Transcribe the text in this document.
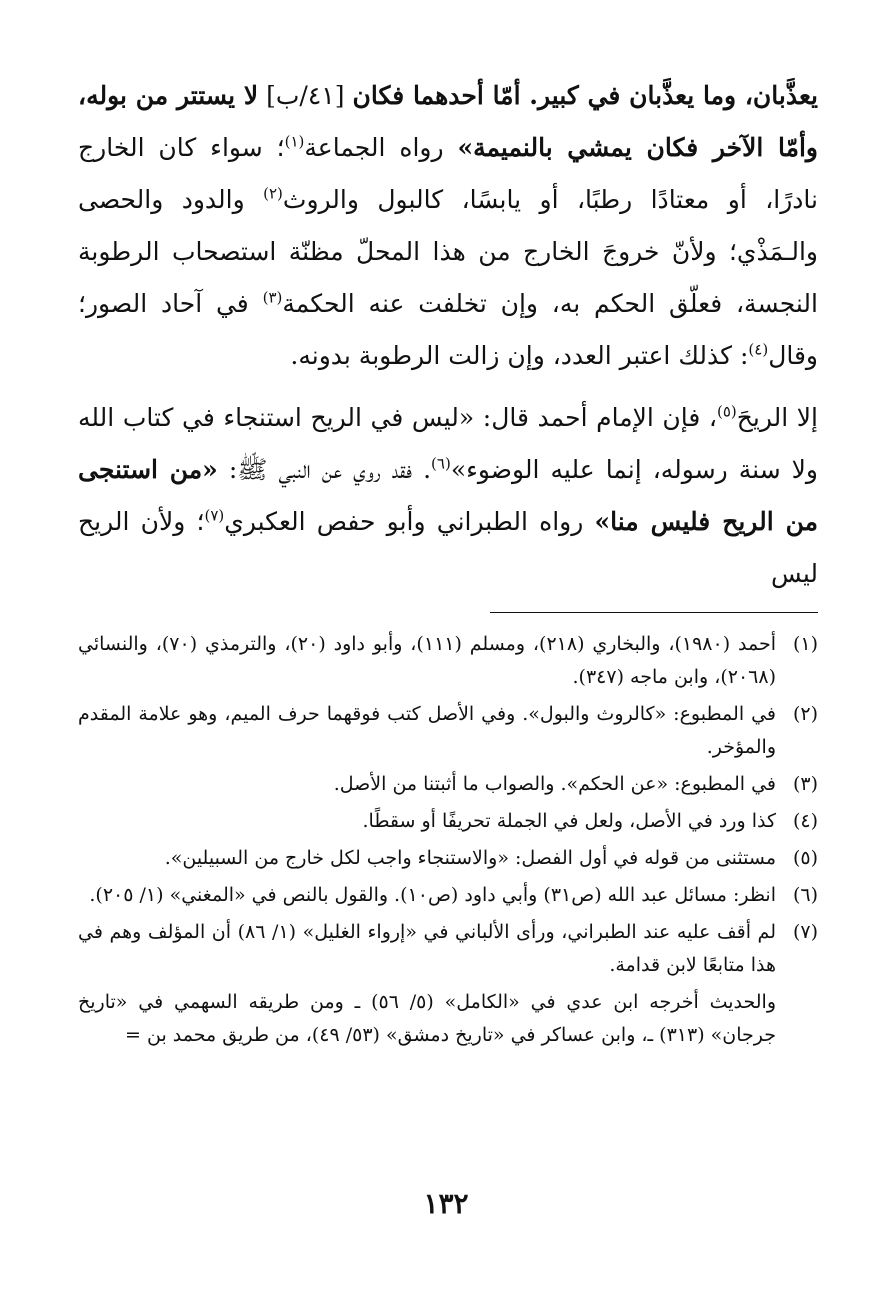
يعذَّبان، وما يعذَّبان في كبير. أمّا أحدهما فكان [٤١/ب] لا يستتر من بوله، وأمّا الآخر فكان يمشي بالنميمة» رواه الجماعة$^{(١)}$؛ سواء كان الخارج نادرًا، أو معتادًا رطبًا، أو يابسًا، كالبول والروث$^{(٢)}$ والدود والحصى والـمَذْي؛ ولأنّ خروجَ الخارج من هذا المحلّ مظنّة استصحاب الرطوبة النجسة، فعلّق الحكم به، وإن تخلفت عنه الحكمة$^{(٣)}$ في آحاد الصور؛ وقال$^{(٤)}$: كذلك اعتبر العدد، وإن زالت الرطوبة بدونه.

إلا الريحَ$^{(٥)}$، فإن الإمام أحمد قال: «ليس في الريح استنجاء في كتاب الله ولا سنة رسوله، إنما عليه الوضوء»$^{(٦)}$. فقد روي عن النبي ﷺ: «من استنجى من الريح فليس منا» رواه الطبراني وأبو حفص العكبري$^{(٧)}$؛ ولأن الريح ليس

(١)
أحمد (١٩٨٠)، والبخاري (٢١٨)، ومسلم (١١١)، وأبو داود (٢٠)، والترمذي (٧٠)، والنسائي (٢٠٦٨)، وابن ماجه (٣٤٧).
(٢)
في المطبوع: «كالروث والبول». وفي الأصل كتب فوقهما حرف الميم، وهو علامة المقدم والمؤخر.
(٣)
في المطبوع: «عن الحكم». والصواب ما أثبتنا من الأصل.
(٤)
كذا ورد في الأصل، ولعل في الجملة تحريفًا أو سقطًا.
(٥)
مستثنى من قوله في أول الفصل: «والاستنجاء واجب لكل خارج من السبيلين».
(٦)
انظر: مسائل عبد الله (ص٣١) وأبي داود (ص١٠). والقول بالنص في «المغني» (١/ ٢٠٥).
(٧)
لم أقف عليه عند الطبراني، ورأى الألباني في «إرواء الغليل» (١/ ٨٦) أن المؤلف وهم في هذا متابعًا لابن قدامة.

والحديث أخرجه ابن عدي في «الكامل» (٥/ ٥٦) ـ ومن طريقه السهمي في «تاريخ جرجان» (٣١٣) ـ، وابن عساكر في «تاريخ دمشق» (٥٣/ ٤٩)، من طريق محمد بن =

١٣٢
